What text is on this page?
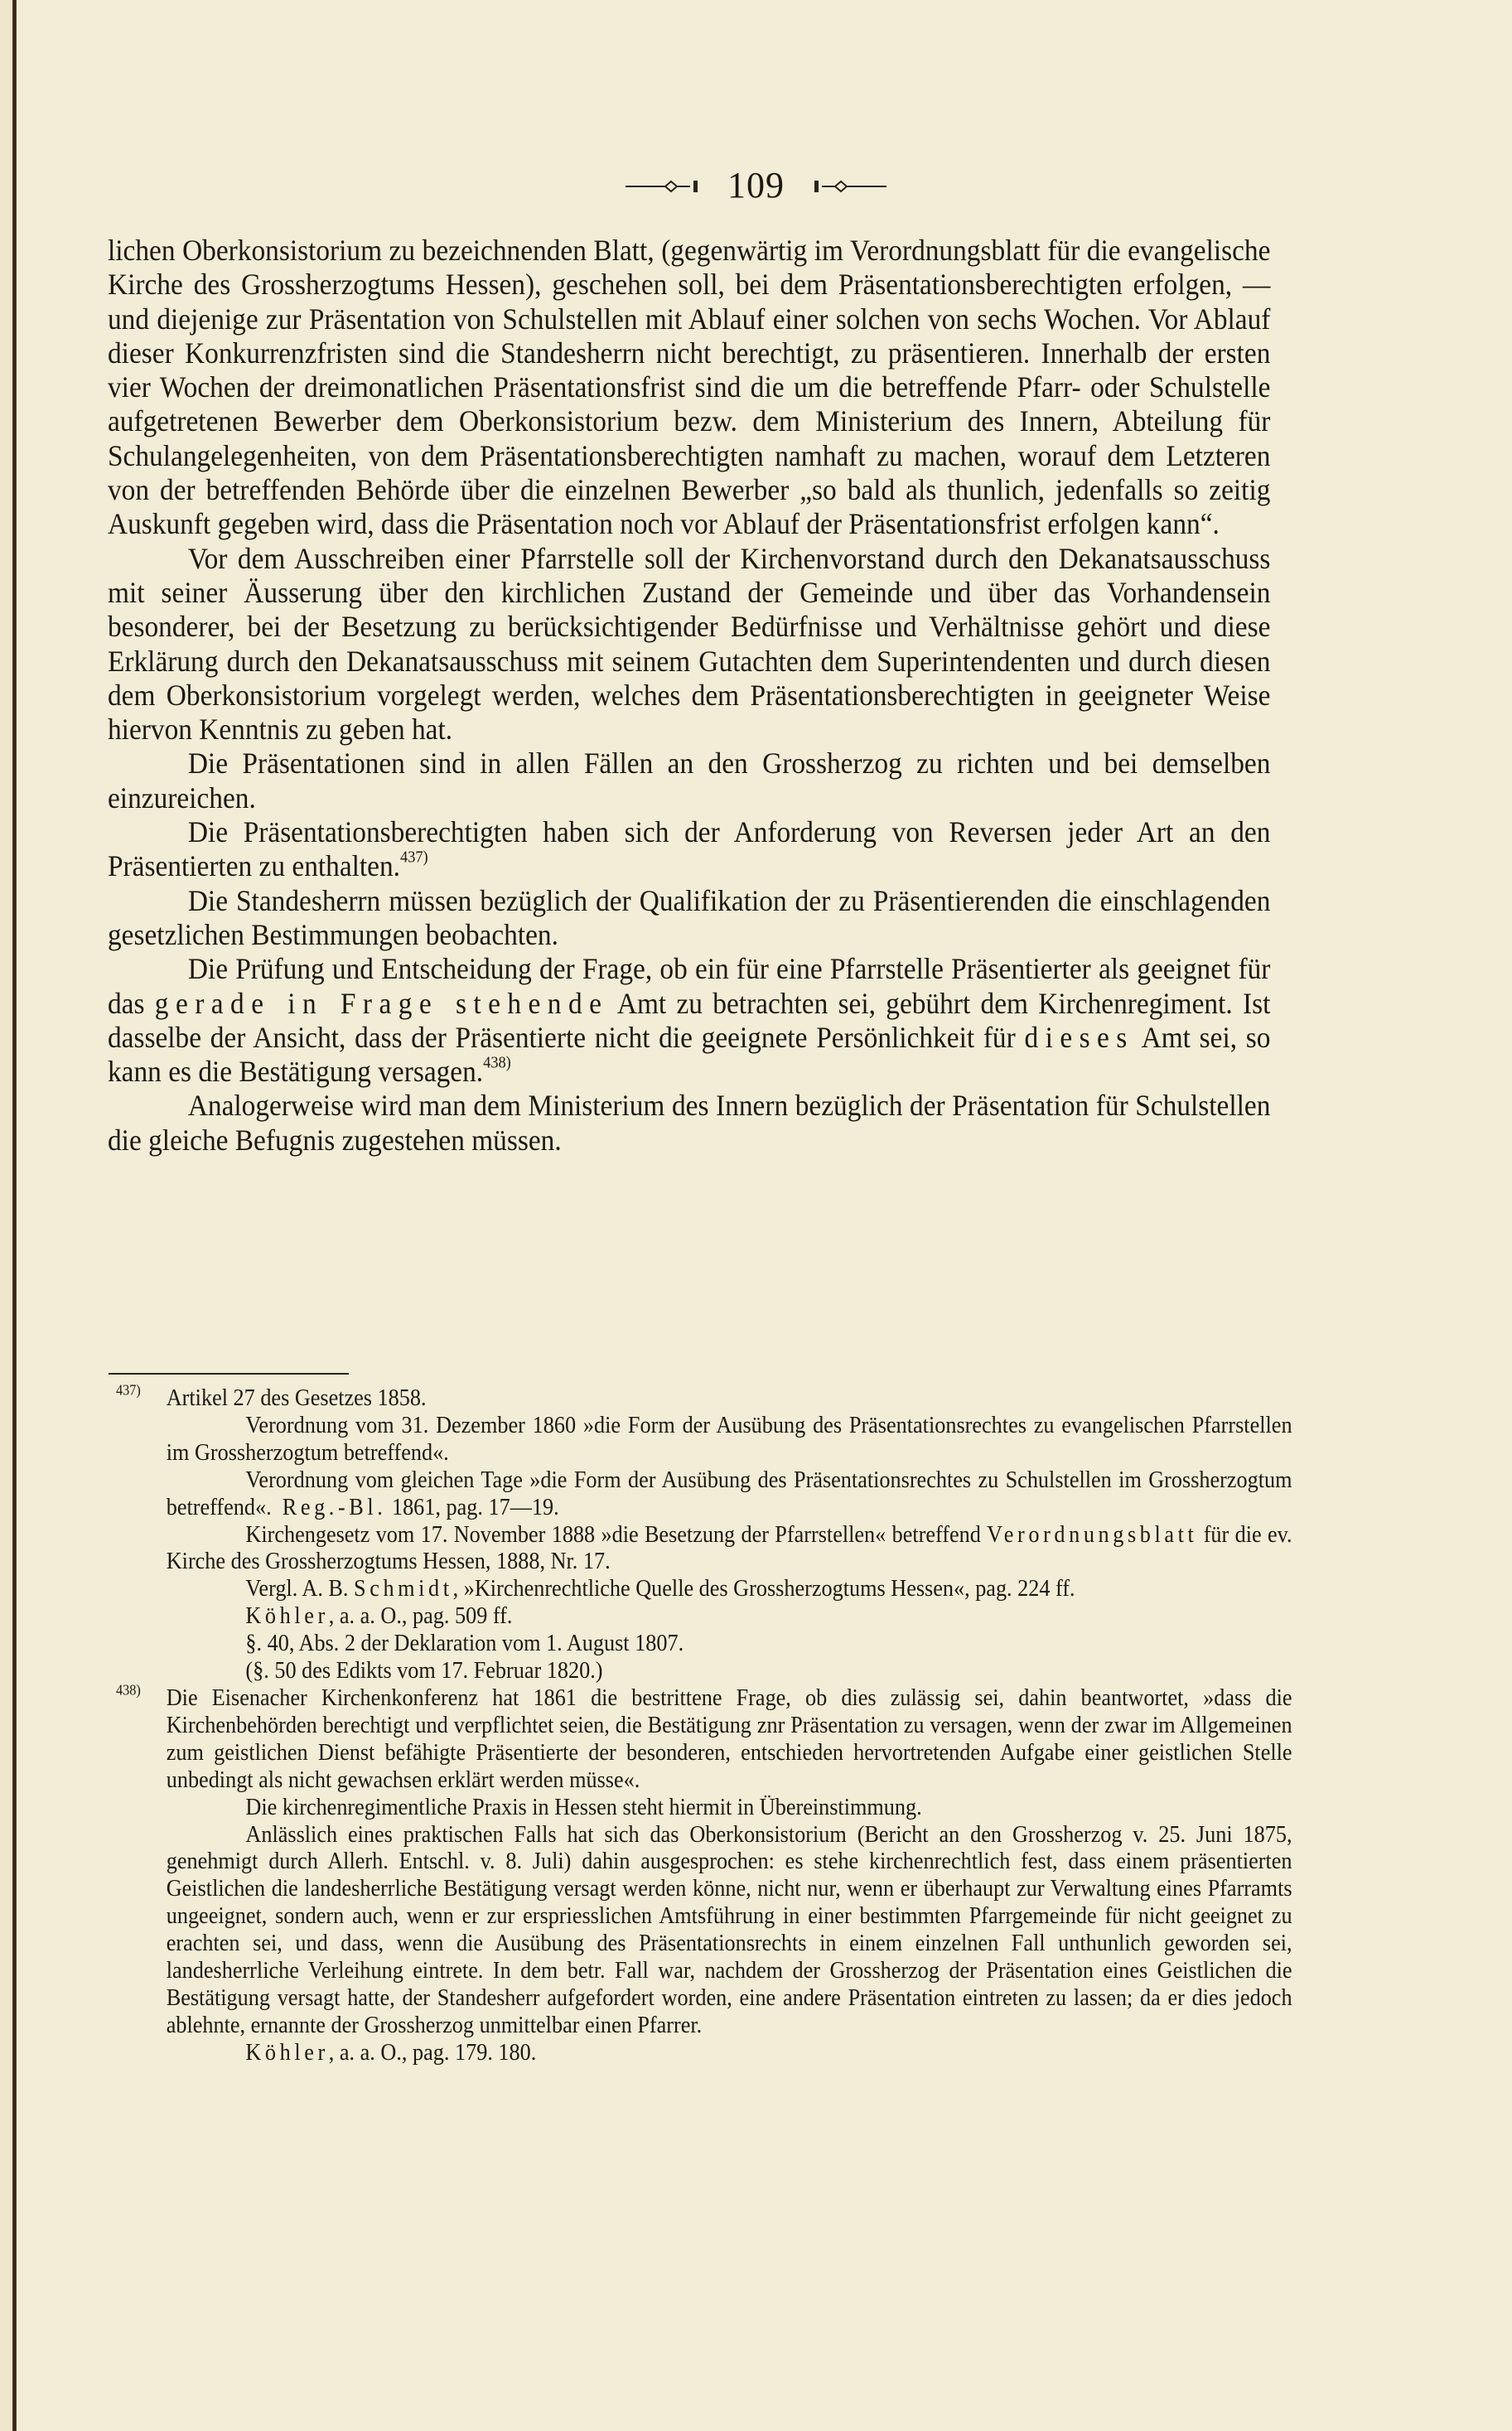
109

lichen Oberkonsistorium zu bezeichnenden Blatt, (gegenwärtig im Verordnungsblatt für die evangelische Kirche des Grossherzogtums Hessen), geschehen soll, bei dem Präsentationsberechtigten erfolgen, — und diejenige zur Präsentation von Schulstellen mit Ablauf einer solchen von sechs Wochen. Vor Ablauf dieser Konkurrenzfristen sind die Standesherrn nicht berechtigt, zu präsentieren. Innerhalb der ersten vier Wochen der dreimonatlichen Präsentationsfrist sind die um die betreffende Pfarr- oder Schulstelle aufgetretenen Bewerber dem Oberkonsistorium bezw. dem Ministerium des Innern, Abteilung für Schulangelegenheiten, von dem Präsentationsberechtigten namhaft zu machen, worauf dem Letzteren von der betreffenden Behörde über die einzelnen Bewerber „so bald als thunlich, jedenfalls so zeitig Auskunft gegeben wird, dass die Präsentation noch vor Ablauf der Präsentationsfrist erfolgen kann“.

Vor dem Ausschreiben einer Pfarrstelle soll der Kirchenvorstand durch den Dekanatsausschuss mit seiner Äusserung über den kirchlichen Zustand der Gemeinde und über das Vorhandensein besonderer, bei der Besetzung zu berücksichtigender Bedürfnisse und Verhältnisse gehört und diese Erklärung durch den Dekanatsausschuss mit seinem Gutachten dem Superintendenten und durch diesen dem Oberkonsistorium vorgelegt werden, welches dem Präsentationsberechtigten in geeigneter Weise hiervon Kenntnis zu geben hat.

Die Präsentationen sind in allen Fällen an den Grossherzog zu richten und bei demselben einzureichen.

Die Präsentationsberechtigten haben sich der Anforderung von Reversen jeder Art an den Präsentierten zu enthalten.$^{437)}$

Die Standesherrn müssen bezüglich der Qualifikation der zu Präsentierenden die einschlagenden gesetzlichen Bestimmungen beobachten.

Die Prüfung und Entscheidung der Frage, ob ein für eine Pfarrstelle Präsentierter als geeignet für das gerade in Frage stehende Amt zu betrachten sei, gebührt dem Kirchenregiment. Ist dasselbe der Ansicht, dass der Präsentierte nicht die geeignete Persönlichkeit für dieses Amt sei, so kann es die Bestätigung versagen.$^{438)}$

Analogerweise wird man dem Ministerium des Innern bezüglich der Präsentation für Schulstellen die gleiche Befugnis zugestehen müssen.

$^{437)}$ Artikel 27 des Gesetzes 1858.

Verordnung vom 31. Dezember 1860 »die Form der Ausübung des Präsentationsrechtes zu evangelischen Pfarrstellen im Grossherzogtum betreffend«.

Verordnung vom gleichen Tage »die Form der Ausübung des Präsentationsrechtes zu Schulstellen im Grossherzogtum betreffend«. Reg.-Bl. 1861, pag. 17—19.

Kirchengesetz vom 17. November 1888 »die Besetzung der Pfarrstellen« betreffend Verordnungsblatt für die ev. Kirche des Grossherzogtums Hessen, 1888, Nr. 17.

Vergl. A. B. Schmidt, »Kirchenrechtliche Quelle des Grossherzogtums Hessen«, pag. 224 ff.

Köhler, a. a. O., pag. 509 ff.

§. 40, Abs. 2 der Deklaration vom 1. August 1807.

(§. 50 des Edikts vom 17. Februar 1820.)

$^{438)}$ Die Eisenacher Kirchenkonferenz hat 1861 die bestrittene Frage, ob dies zulässig sei, dahin beantwortet, »dass die Kirchenbehörden berechtigt und verpflichtet seien, die Bestätigung znr Präsentation zu versagen, wenn der zwar im Allgemeinen zum geistlichen Dienst befähigte Präsentierte der besonderen, entschieden hervortretenden Aufgabe einer geistlichen Stelle unbedingt als nicht gewachsen erklärt werden müsse«.

Die kirchenregimentliche Praxis in Hessen steht hiermit in Übereinstimmung.

Anlässlich eines praktischen Falls hat sich das Oberkonsistorium (Bericht an den Grossherzog v. 25. Juni 1875, genehmigt durch Allerh. Entschl. v. 8. Juli) dahin ausgesprochen: es stehe kirchenrechtlich fest, dass einem präsentierten Geistlichen die landesherrliche Bestätigung versagt werden könne, nicht nur, wenn er überhaupt zur Verwaltung eines Pfarramts ungeeignet, sondern auch, wenn er zur erspriesslichen Amtsführung in einer bestimmten Pfarrgemeinde für nicht geeignet zu erachten sei, und dass, wenn die Ausübung des Präsentationsrechts in einem einzelnen Fall unthunlich geworden sei, landesherrliche Verleihung eintrete. In dem betr. Fall war, nachdem der Grossherzog der Präsentation eines Geistlichen die Bestätigung versagt hatte, der Standesherr aufgefordert worden, eine andere Präsentation eintreten zu lassen; da er dies jedoch ablehnte, ernannte der Grossherzog unmittelbar einen Pfarrer.

Köhler, a. a. O., pag. 179. 180.
